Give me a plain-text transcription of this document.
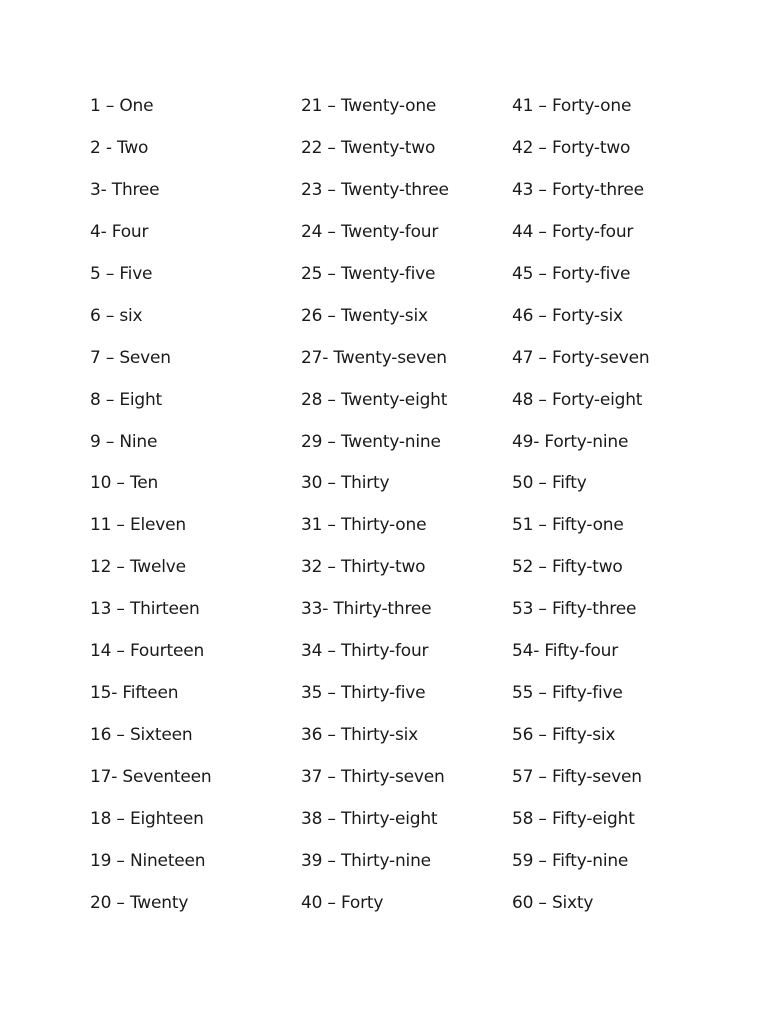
1 – One
2 - Two
3- Three
4- Four
5 – Five
6 – six
7 – Seven
8 – Eight
9 – Nine
10 – Ten
11 – Eleven
12 – Twelve
13 – Thirteen
14 – Fourteen
15- Fifteen
16 – Sixteen
17- Seventeen
18 – Eighteen
19 – Nineteen
20 – Twenty
21 – Twenty-one
22 – Twenty-two
23 – Twenty-three
24 – Twenty-four
25 – Twenty-five
26 – Twenty-six
27- Twenty-seven
28 – Twenty-eight
29 – Twenty-nine
30 – Thirty
31 – Thirty-one
32 – Thirty-two
33- Thirty-three
34 – Thirty-four
35 – Thirty-five
36 – Thirty-six
37 – Thirty-seven
38 – Thirty-eight
39 – Thirty-nine
40 – Forty
41 – Forty-one
42 – Forty-two
43 – Forty-three
44 – Forty-four
45 – Forty-five
46 – Forty-six
47 – Forty-seven
48 – Forty-eight
49- Forty-nine
50 – Fifty
51 – Fifty-one
52 – Fifty-two
53 – Fifty-three
54- Fifty-four
55 – Fifty-five
56 – Fifty-six
57 – Fifty-seven
58 – Fifty-eight
59 – Fifty-nine
60 – Sixty
